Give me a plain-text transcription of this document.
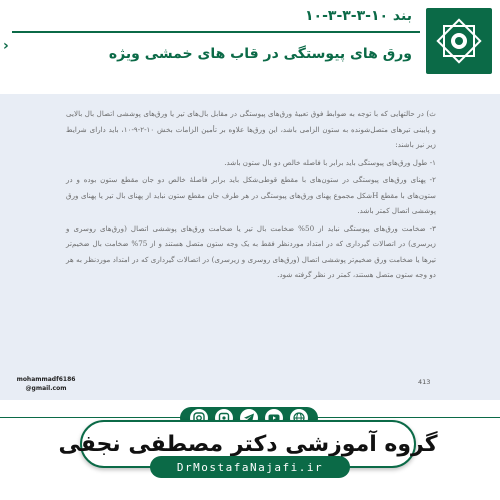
بند ۱۰-۳-۳-۳-۱۰
›	ورق های پیوستگی در قاب های خمشی ویژه

ث) در حالتهایی که با توجه به ضوابط فوق تعبیهٔ ورق‌های پیوستگی در مقابل بال‌های تیر یا ورق‌های پوششی اتصال بال بالایی و پایینی تیرهای متصل‌شونده به ستون الزامی باشد، این ورق‌ها علاوه بر تأمین الزامات بخش ۱۰-۲-۹-۱۰، باید دارای شرایط زیر نیز باشند:

۱- طول ورق‌های پیوستگی باید برابر با فاصله خالص دو بال ستون باشد.

۲- پهنای ورق‌های پیوستگی در ستون‌های با مقطع قوطی‌شکل باید برابر فاصلهٔ خالص دو جان مقطع ستون بوده و در ستون‌های با مقطع Hشکل مجموع پهنای ورق‌های پیوستگی در هر طرف جان مقطع ستون نباید از پهنای بال تیر یا پهنای ورق پوششی اتصال کمتر باشد.

۳- ضخامت ورق‌های پیوستگی نباید از 50% ضخامت بال تیر یا ضخامت ورق‌های پوششی اتصال (ورق‌های روسری و زیرسری) در اتصالات گیرداری که در امتداد موردنظر فقط به یک وجه ستون متصل هستند و از 75% ضخامت بال ضخیم‌تر تیرها یا ضخامت ورق ضخیم‌تر پوششی اتصال (ورق‌های روسری و زیرسری) در اتصالات گیرداری که در امتداد موردنظر به هر دو وجه ستون متصل هستند، کمتر در نظر گرفته شود.

mohammadf6186@gmail.com
413
گروه آموزشی دکتر مصطفی نجفی
DrMostafaNajafi.ir
